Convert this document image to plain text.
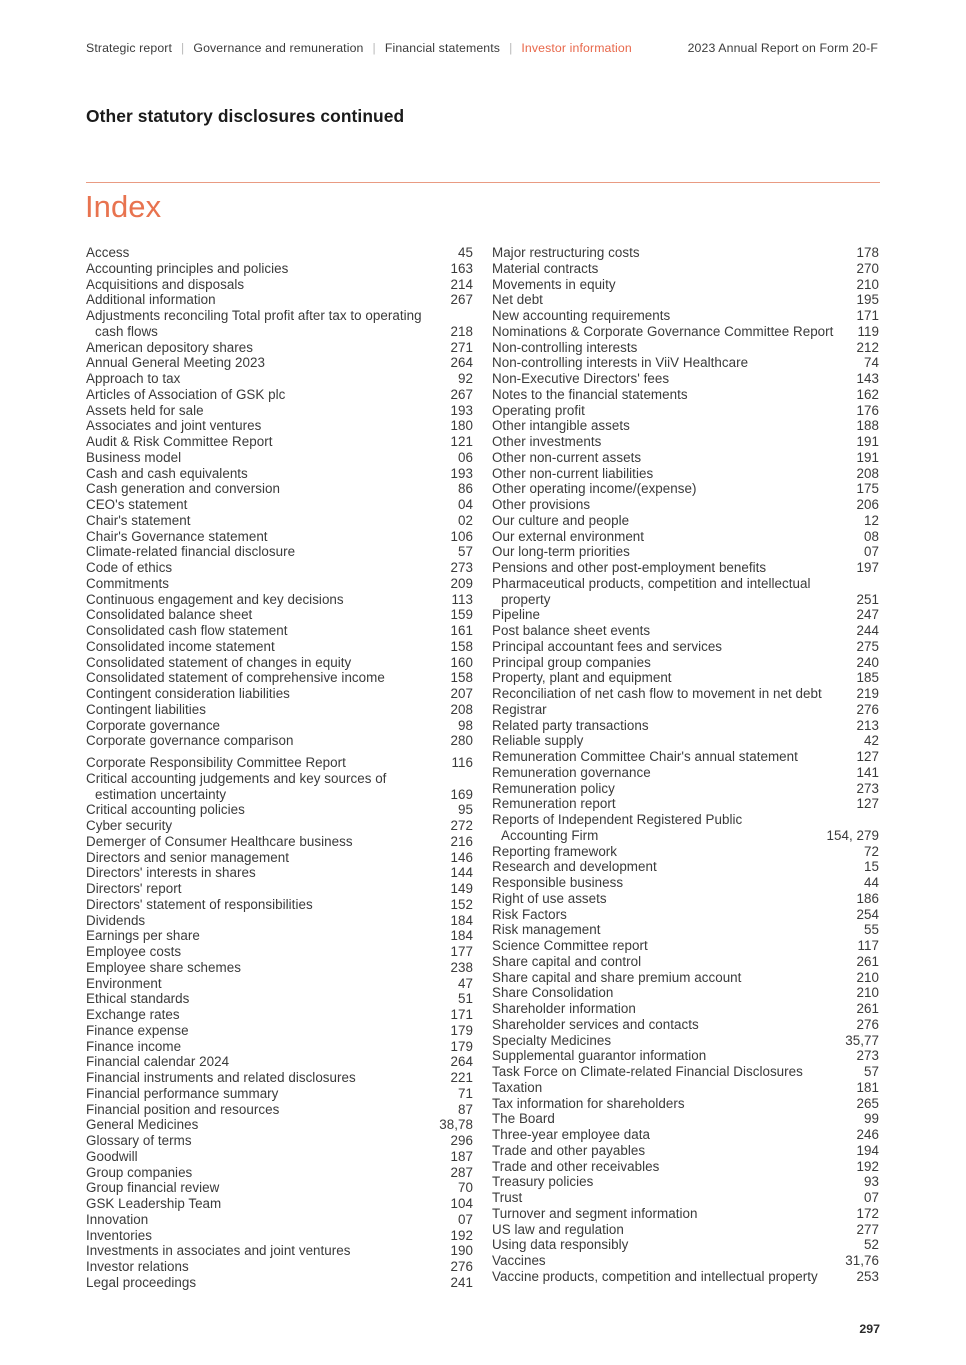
Strategic report | Governance and remuneration | Financial statements | Investor information	2023 Annual Report on Form 20-F
Other statutory disclosures continued
Index
Access	45
Accounting principles and policies	163
Acquisitions and disposals	214
Additional information	267
Adjustments reconciling Total profit after tax to operating
cash flows	218
American depository shares	271
Annual General Meeting 2023	264
Approach to tax	92
Articles of Association of GSK plc	267
Assets held for sale	193
Associates and joint ventures	180
Audit & Risk Committee Report	121
Business model	06
Cash and cash equivalents	193
Cash generation and conversion	86
CEO's statement	04
Chair's statement	02
Chair's Governance statement	106
Climate-related financial disclosure	57
Code of ethics	273
Commitments	209
Continuous engagement and key decisions	113
Consolidated balance sheet	159
Consolidated cash flow statement	161
Consolidated income statement	158
Consolidated statement of changes in equity	160
Consolidated statement of comprehensive income	158
Contingent consideration liabilities	207
Contingent liabilities	208
Corporate governance	98
Corporate governance comparison	280
Corporate Responsibility Committee Report	116
Critical accounting judgements and key sources of
estimation uncertainty	169
Critical accounting policies	95
Cyber security	272
Demerger of Consumer Healthcare business	216
Directors and senior management	146
Directors' interests in shares	144
Directors' report	149
Directors' statement of responsibilities	152
Dividends	184
Earnings per share	184
Employee costs	177
Employee share schemes	238
Environment	47
Ethical standards	51
Exchange rates	171
Finance expense	179
Finance income	179
Financial calendar 2024	264
Financial instruments and related disclosures	221
Financial performance summary	71
Financial position and resources	87
General Medicines	38,78
Glossary of terms	296
Goodwill	187
Group companies	287
Group financial review	70
GSK Leadership Team	104
Innovation	07
Inventories	192
Investments in associates and joint ventures	190
Investor relations	276
Legal proceedings	241
Major restructuring costs	178
Material contracts	270
Movements in equity	210
Net debt	195
New accounting requirements	171
Nominations & Corporate Governance Committee Report	119
Non-controlling interests	212
Non-controlling interests in ViiV Healthcare	74
Non-Executive Directors' fees	143
Notes to the financial statements	162
Operating profit	176
Other intangible assets	188
Other investments	191
Other non-current assets	191
Other non-current liabilities	208
Other operating income/(expense)	175
Other provisions	206
Our culture and people	12
Our external environment	08
Our long-term priorities	07
Pensions and other post-employment benefits	197
Pharmaceutical products, competition and intellectual
property	251
Pipeline	247
Post balance sheet events	244
Principal accountant fees and services	275
Principal group companies	240
Property, plant and equipment	185
Reconciliation of net cash flow to movement in net debt	219
Registrar	276
Related party transactions	213
Reliable supply	42
Remuneration Committee Chair's annual statement	127
Remuneration governance	141
Remuneration policy	273
Remuneration report	127
Reports of Independent Registered Public
Accounting Firm	154, 279
Reporting framework	72
Research and development	15
Responsible business	44
Right of use assets	186
Risk Factors	254
Risk management	55
Science Committee report	117
Share capital and control	261
Share capital and share premium account	210
Share Consolidation	210
Shareholder information	261
Shareholder services and contacts	276
Specialty Medicines	35,77
Supplemental guarantor information	273
Task Force on Climate-related Financial Disclosures	57
Taxation	181
Tax information for shareholders	265
The Board	99
Three-year employee data	246
Trade and other payables	194
Trade and other receivables	192
Treasury policies	93
Trust	07
Turnover and segment information	172
US law and regulation	277
Using data responsibly	52
Vaccines	31,76
Vaccine products, competition and intellectual property	253
297
